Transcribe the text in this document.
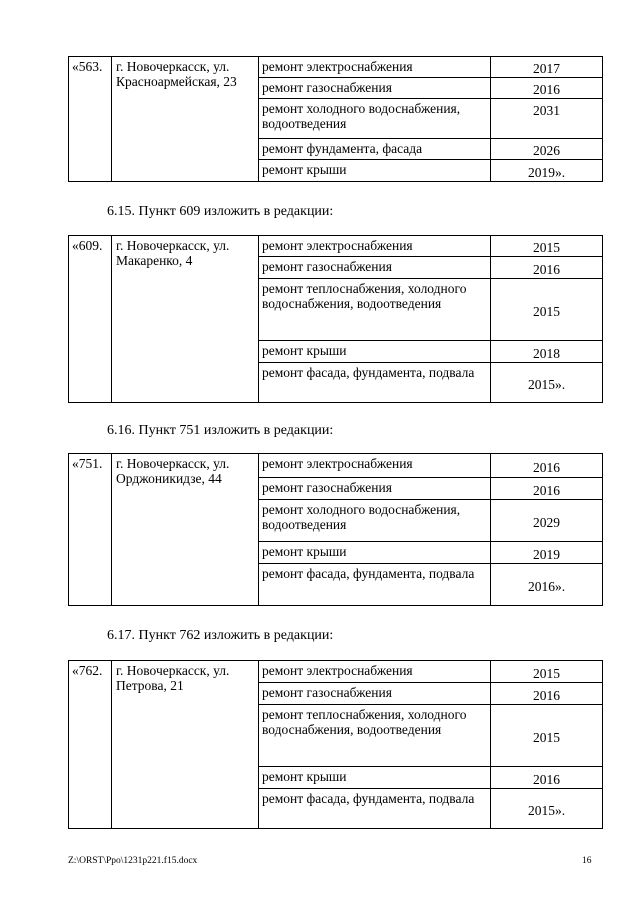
«563.	г. Новочеркасск, ул. Красноармейская, 23	ремонт электроснабжения	2017
		ремонт газоснабжения	2016
		ремонт холодного водоснабжения, водоотведения	2031
		ремонт фундамента, фасада	2026
		ремонт крыши	2019».
6.15. Пункт 609 изложить в редакции:
«609.	г. Новочеркасск, ул. Макаренко, 4	ремонт электроснабжения	2015
		ремонт газоснабжения	2016
		ремонт теплоснабжения, холодного водоснабжения, водоотведения	2015
		ремонт крыши	2018
		ремонт фасада, фундамента, подвала	2015».
6.16. Пункт 751 изложить в редакции:
«751.	г. Новочеркасск, ул. Орджоникидзе, 44	ремонт электроснабжения	2016
		ремонт газоснабжения	2016
		ремонт холодного водоснабжения, водоотведения	2029
		ремонт крыши	2019
		ремонт фасада, фундамента, подвала	2016».
6.17. Пункт 762 изложить в редакции:
«762.	г. Новочеркасск, ул. Петрова, 21	ремонт электроснабжения	2015
		ремонт газоснабжения	2016
		ремонт теплоснабжения, холодного водоснабжения, водоотведения	2015
		ремонт крыши	2016
		ремонт фасада, фундамента, подвала	2015».
Z:\ORST\Ppo\1231p221.f15.docx	16
